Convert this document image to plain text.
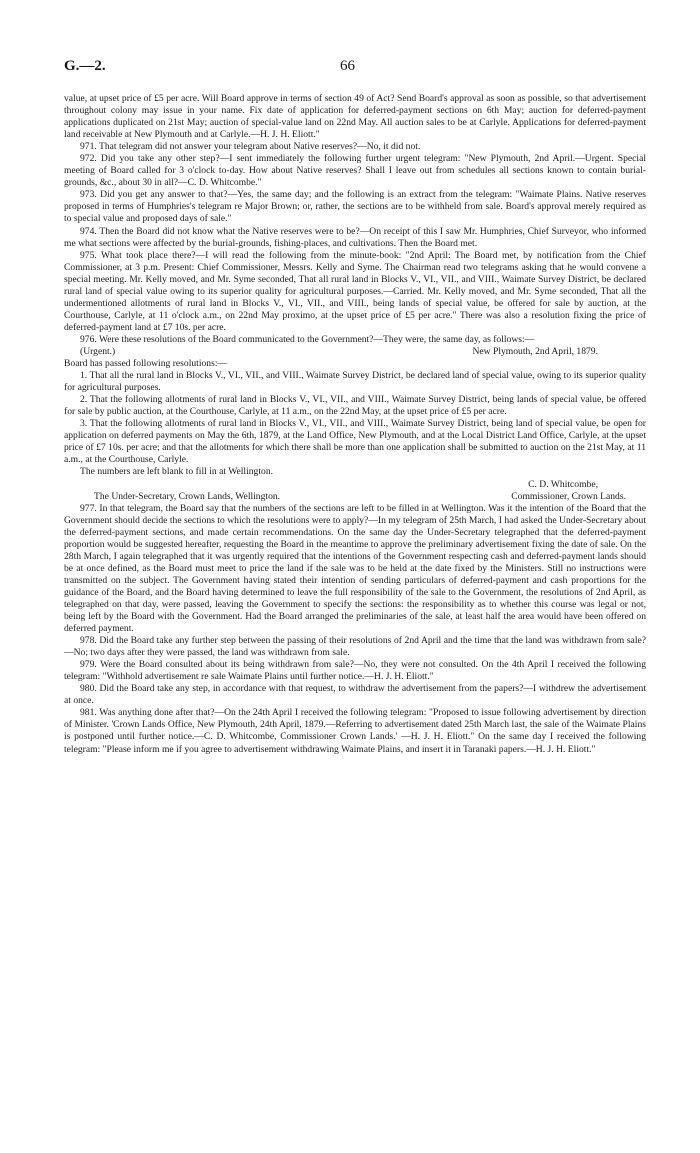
G.—2.	66

value, at upset price of £5 per acre. Will Board approve in terms of section 49 of Act? Send Board's approval as soon as possible, so that advertisement throughout colony may issue in your name. Fix date of application for deferred-payment sections on 6th May; auction for deferred-payment applications duplicated on 21st May; auction of special-value land on 22nd May. All auction sales to be at Carlyle. Applications for deferred-payment land receivable at New Plymouth and at Carlyle.—H. J. H. Eliott."

971. That telegram did not answer your telegram about Native reserves?—No, it did not.

972. Did you take any other step?—I sent immediately the following further urgent telegram: "New Plymouth, 2nd April.—Urgent. Special meeting of Board called for 3 o'clock to-day. How about Native reserves? Shall I leave out from schedules all sections known to contain burial-grounds, &c., about 30 in all?—C. D. Whitcombe."

973. Did you get any answer to that?—Yes, the same day; and the following is an extract from the telegram: "Waimate Plains. Native reserves proposed in terms of Humphries's telegram re Major Brown; or, rather, the sections are to be withheld from sale. Board's approval merely required as to special value and proposed days of sale."

974. Then the Board did not know what the Native reserves were to be?—On receipt of this I saw Mr. Humphries, Chief Surveyor, who informed me what sections were affected by the burial-grounds, fishing-places, and cultivations. Then the Board met.

975. What took place there?—I will read the following from the minute-book: "2nd April: The Board met, by notification from the Chief Commissioner, at 3 p.m. Present: Chief Commissioner, Messrs. Kelly and Syme. The Chairman read two telegrams asking that he would convene a special meeting. Mr. Kelly moved, and Mr. Syme seconded, That all rural land in Blocks V., VI., VII., and VIII., Waimate Survey District, be declared rural land of special value owing to its superior quality for agricultural purposes.—Carried. Mr. Kelly moved, and Mr. Syme seconded, That all the undermentioned allotments of rural land in Blocks V., VI., VII., and VIII., being lands of special value, be offered for sale by auction, at the Courthouse, Carlyle, at 11 o'clock a.m., on 22nd May proximo, at the upset price of £5 per acre." There was also a resolution fixing the price of deferred-payment land at £7 10s. per acre.

976. Were these resolutions of the Board communicated to the Government?—They were, the same day, as follows:—

(Urgent.)	New Plymouth, 2nd April, 1879.

Board has passed following resolutions:—

1. That all the rural land in Blocks V., VI., VII., and VIII., Waimate Survey District, be declared land of special value, owing to its superior quality for agricultural purposes.

2. That the following allotments of rural land in Blocks V., VI., VII., and VIII., Waimate Survey District, being lands of special value, be offered for sale by public auction, at the Courthouse, Carlyle, at 11 a.m., on the 22nd May, at the upset price of £5 per acre.

3. That the following allotments of rural land in Blocks V., VI., VII., and VIII., Waimate Survey District, being land of special value, be open for application on deferred payments on May the 6th, 1879, at the Land Office, New Plymouth, and at the Local District Land Office, Carlyle, at the upset price of £7 10s. per acre; and that the allotments for which there shall be more than one application shall be submitted to auction on the 21st May, at 11 a.m., at the Courthouse, Carlyle.

The numbers are left blank to fill in at Wellington.

C. D. Whitcombe,

The Under-Secretary, Crown Lands, Wellington.	Commissioner, Crown Lands.

977. In that telegram, the Board say that the numbers of the sections are left to be filled in at Wellington. Was it the intention of the Board that the Government should decide the sections to which the resolutions were to apply?—In my telegram of 25th March, I had asked the Under-Secretary about the deferred-payment sections, and made certain recommendations. On the same day the Under-Secretary telegraphed that the deferred-payment proportion would be suggested hereafter, requesting the Board in the meantime to approve the preliminary advertisement fixing the date of sale. On the 28th March, I again telegraphed that it was urgently required that the intentions of the Government respecting cash and deferred-payment lands should be at once defined, as the Board must meet to price the land if the sale was to be held at the date fixed by the Ministers. Still no instructions were transmitted on the subject. The Government having stated their intention of sending particulars of deferred-payment and cash proportions for the guidance of the Board, and the Board having determined to leave the full responsibility of the sale to the Government, the resolutions of 2nd April, as telegraphed on that day, were passed, leaving the Government to specify the sections: the responsibility as to whether this course was legal or not, being left by the Board with the Government. Had the Board arranged the preliminaries of the sale, at least half the area would have been offered on deferred payment.

978. Did the Board take any further step between the passing of their resolutions of 2nd April and the time that the land was withdrawn from sale?—No; two days after they were passed, the land was withdrawn from sale.

979. Were the Board consulted about its being withdrawn from sale?—No, they were not consulted. On the 4th April I received the following telegram: "Withhold advertisement re sale Waimate Plains until further notice.—H. J. H. Eliott."

980. Did the Board take any step, in accordance with that request, to withdraw the advertisement from the papers?—I withdrew the advertisement at once.

981. Was anything done after that?—On the 24th April I received the following telegram: "Proposed to issue following advertisement by direction of Minister. 'Crown Lands Office, New Plymouth, 24th April, 1879.—Referring to advertisement dated 25th March last, the sale of the Waimate Plains is postponed until further notice.—C. D. Whitcombe, Commissioner Crown Lands.' —H. J. H. Eliott." On the same day I received the following telegram: "Please inform me if you agree to advertisement withdrawing Waimate Plains, and insert it in Taranaki papers.—H. J. H. Eliott."
